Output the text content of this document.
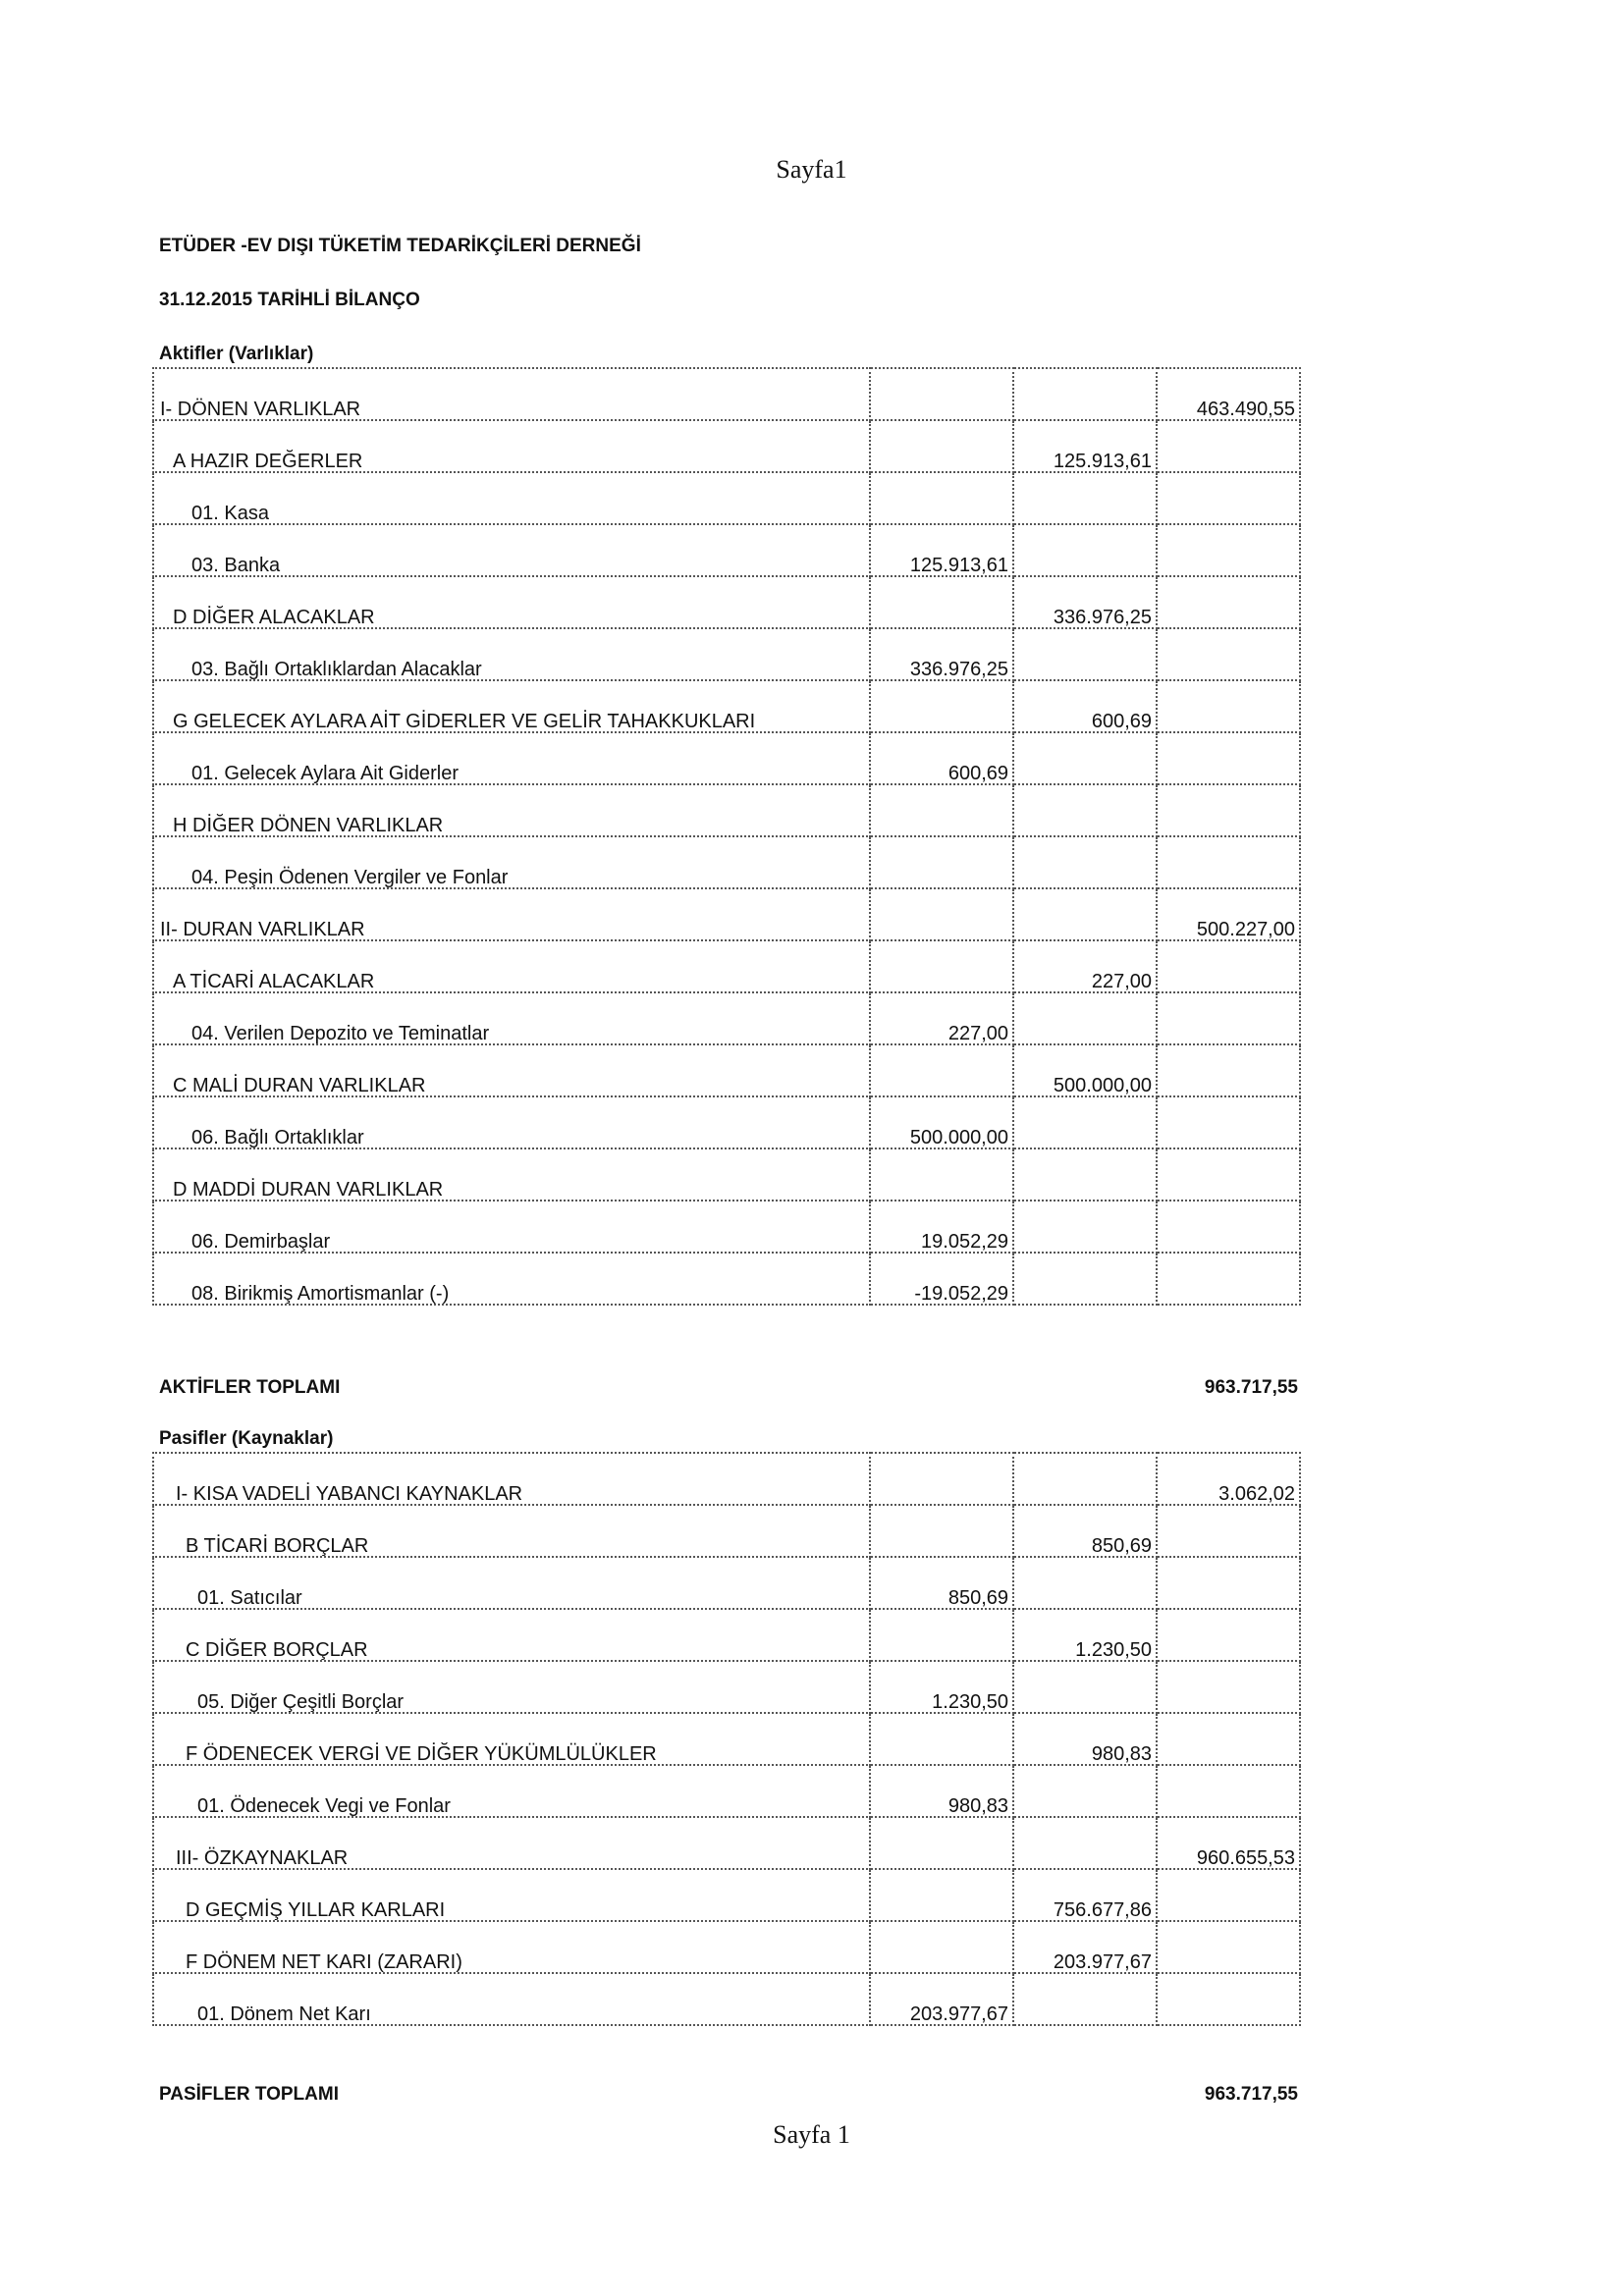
Sayfa1
ETÜDER -EV DIŞI TÜKETİM TEDARİKÇİLERİ DERNEĞİ
31.12.2015 TARİHLİ BİLANÇO
Aktifler (Varlıklar)
I- DÖNEN VARLIKLAR			463.490,55
A HAZIR DEĞERLER		125.913,61	
01. Kasa			
03. Banka	125.913,61		
D DİĞER ALACAKLAR		336.976,25	
03. Bağlı Ortaklıklardan Alacaklar	336.976,25		
G GELECEK AYLARA AİT GİDERLER VE GELİR TAHAKKUKLARI		600,69	
01. Gelecek Aylara Ait Giderler	600,69		
H DİĞER DÖNEN VARLIKLAR			
04. Peşin Ödenen Vergiler ve Fonlar			
II- DURAN VARLIKLAR			500.227,00
A TİCARİ ALACAKLAR		227,00	
04. Verilen Depozito ve Teminatlar	227,00		
C MALİ DURAN VARLIKLAR		500.000,00	
06. Bağlı Ortaklıklar	500.000,00		
D MADDİ DURAN VARLIKLAR			
06. Demirbaşlar	19.052,29		
08. Birikmiş Amortismanlar (-)	-19.052,29		
AKTİFLER TOPLAMI	963.717,55
Pasifler (Kaynaklar)
I- KISA VADELİ YABANCI KAYNAKLAR			3.062,02
B TİCARİ BORÇLAR		850,69	
01. Satıcılar	850,69		
C DİĞER BORÇLAR		1.230,50	
05. Diğer Çeşitli Borçlar	1.230,50		
F ÖDENECEK VERGİ VE DİĞER YÜKÜMLÜLÜKLER		980,83	
01. Ödenecek Vegi ve Fonlar	980,83		
III- ÖZKAYNAKLAR			960.655,53
D GEÇMİŞ YILLAR KARLARI		756.677,86	
F DÖNEM NET KARI (ZARARI)		203.977,67	
01. Dönem Net Karı	203.977,67		
PASİFLER TOPLAMI	963.717,55
Sayfa 1
